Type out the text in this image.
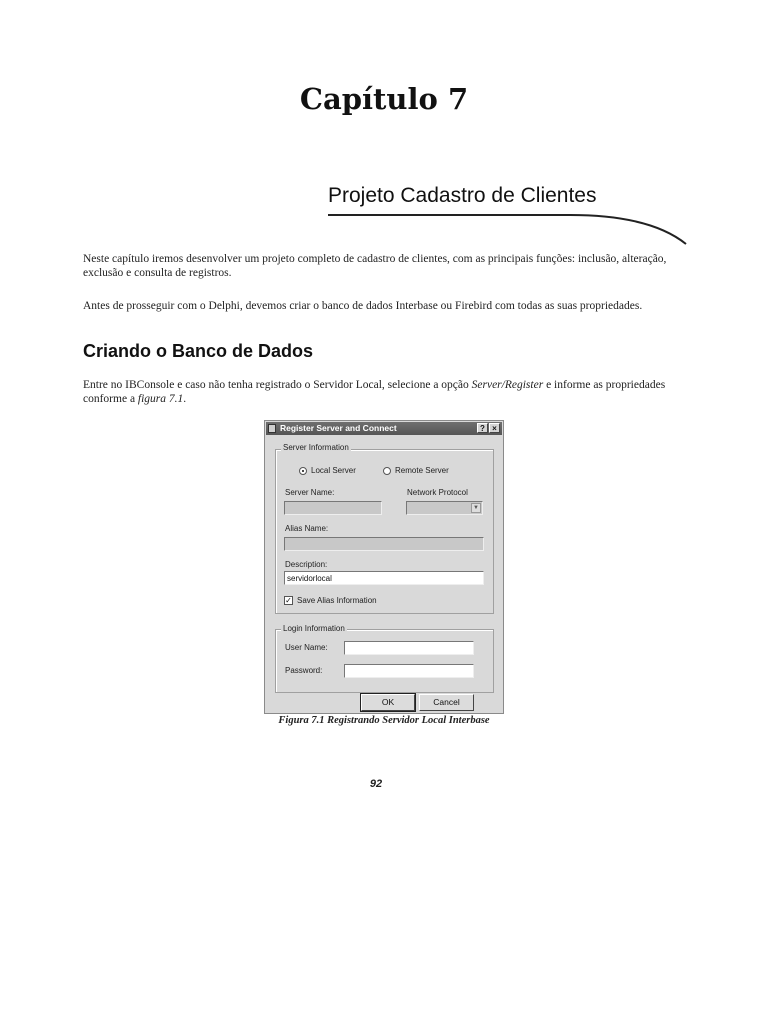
Capítulo 7
Projeto Cadastro de Clientes

Neste capítulo iremos desenvolver um projeto completo de cadastro de clientes, com as principais funções: inclusão, alteração, exclusão e consulta de registros.

Antes de prosseguir com o Delphi, devemos criar o banco de dados Interbase ou Firebird com todas as suas propriedades.

Criando o Banco de Dados

Entre no IBConsole e caso não tenha registrado o Servidor Local, selecione a opção Server/Register e informe as propriedades conforme a figura 7.1.

Register Server and Connect	? ×
Server Information
Local Server	Remote Server
Server Name:	Network Protocol
▼
Alias Name:
Description:
servidorlocal
✓ Save Alias Information
Login Information
User Name:
Password:
OK	Cancel
Figura 7.1 Registrando Servidor Local Interbase
92
